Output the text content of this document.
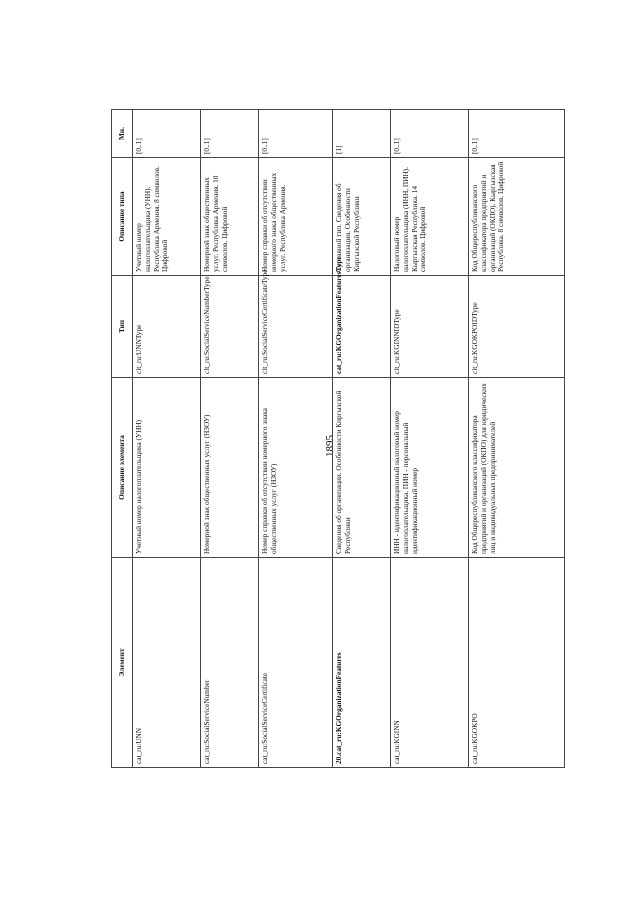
1895
Элемент	Описание элемента	Тип	Описание типа	Мн.
cat_ru:UNN	Учетный номер налогоплательщика (УНН)	clt_ru:UNNType	Учетный номер налогоплательщика (УНН). Республика Армения. 8 символов. Цифровой	[0..1]
cat_ru:SocialServiceNumber	Номерной знак общественных услуг (НЗОУ)	clt_ru:SocialServiceNumberType	Номерной знак общественных услуг. Республика Армения. 10 символов. Цифровой	[0..1]
cat_ru:SocialServiceCertificate	Номер справки об отсутствии номерного знака общественных услуг (НЗОУ)	clt_ru:SocialServiceCertificateType	Номер справки об отсутствии номерного знака общественных услуг. Республика Армения.	[0..1]
20.cat_ru:KGOrganizationFeatures	Сведения об организации. Особенности Киргызской Республики	cat_ru:KGOrganizationFeaturesType	Составной тип. Сведения об организации. Особенности Киргызской Республики	[1]
cat_ru:KGINN	ИНН - идентификационный налоговый номер налогоплательщика. ПИН - персональный идентификационный номер	clt_ru:KGINNIDType	Налоговый номер налогоплательщика (ИНН, ПИН). Кыргызская Республика. 14 символов. Цифровой	[0..1]
cat_ru:KGOKPO	Код Общереспубликанского классификатора предприятий и организаций (ОКПО) для юридических лиц и индивидуальных предпринимателей	clt_ru:KGOKPOIDType	Код Общереспубликанского классификатора предприятий и организаций (ОКПО). Кыргызская Республика. 8 символов. Цифровой	[0..1]
